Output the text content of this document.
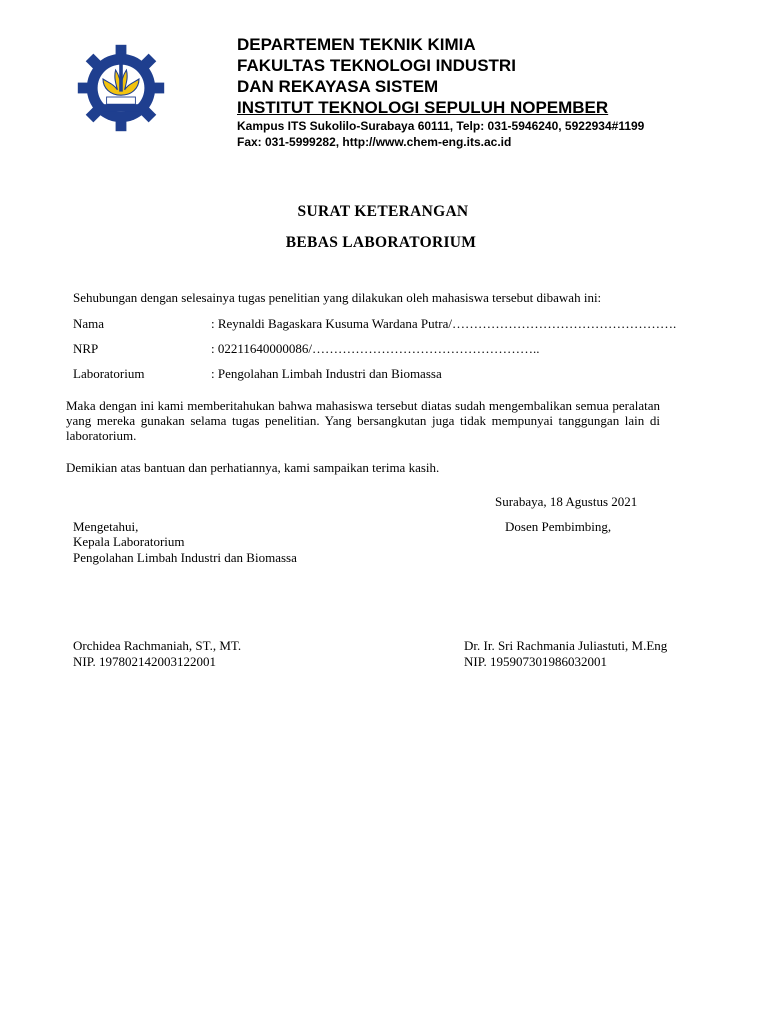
DEPARTEMEN TEKNIK KIMIA
FAKULTAS TEKNOLOGI INDUSTRI
DAN REKAYASA SISTEM
INSTITUT TEKNOLOGI SEPULUH NOPEMBER
Kampus ITS Sukolilo-Surabaya 60111, Telp: 031-5946240, 5922934#1199
Fax: 031-5999282, http://www.chem-eng.its.ac.id
SURAT KETERANGAN
BEBAS LABORATORIUM
Sehubungan dengan selesainya tugas penelitian yang dilakukan oleh mahasiswa tersebut dibawah ini:
Nama	: Reynaldi Bagaskara Kusuma Wardana Putra/…………………………………………….
NRP	: 02211640000086/……………………………………………..
Laboratorium	: Pengolahan Limbah Industri dan Biomassa
Maka dengan ini kami memberitahukan bahwa mahasiswa tersebut diatas sudah mengembalikan semua peralatan yang mereka gunakan selama tugas penelitian. Yang bersangkutan juga tidak mempunyai tanggungan lain di laboratorium.
Demikian atas bantuan dan perhatiannya, kami sampaikan terima kasih.
Surabaya, 18 Agustus 2021
Mengetahui,
Kepala Laboratorium
Pengolahan Limbah Industri dan Biomassa
Orchidea Rachmaniah, ST., MT.
NIP. 197802142003122001
Dosen Pembimbing,
Dr. Ir. Sri Rachmania Juliastuti, M.Eng
NIP. 195907301986032001
